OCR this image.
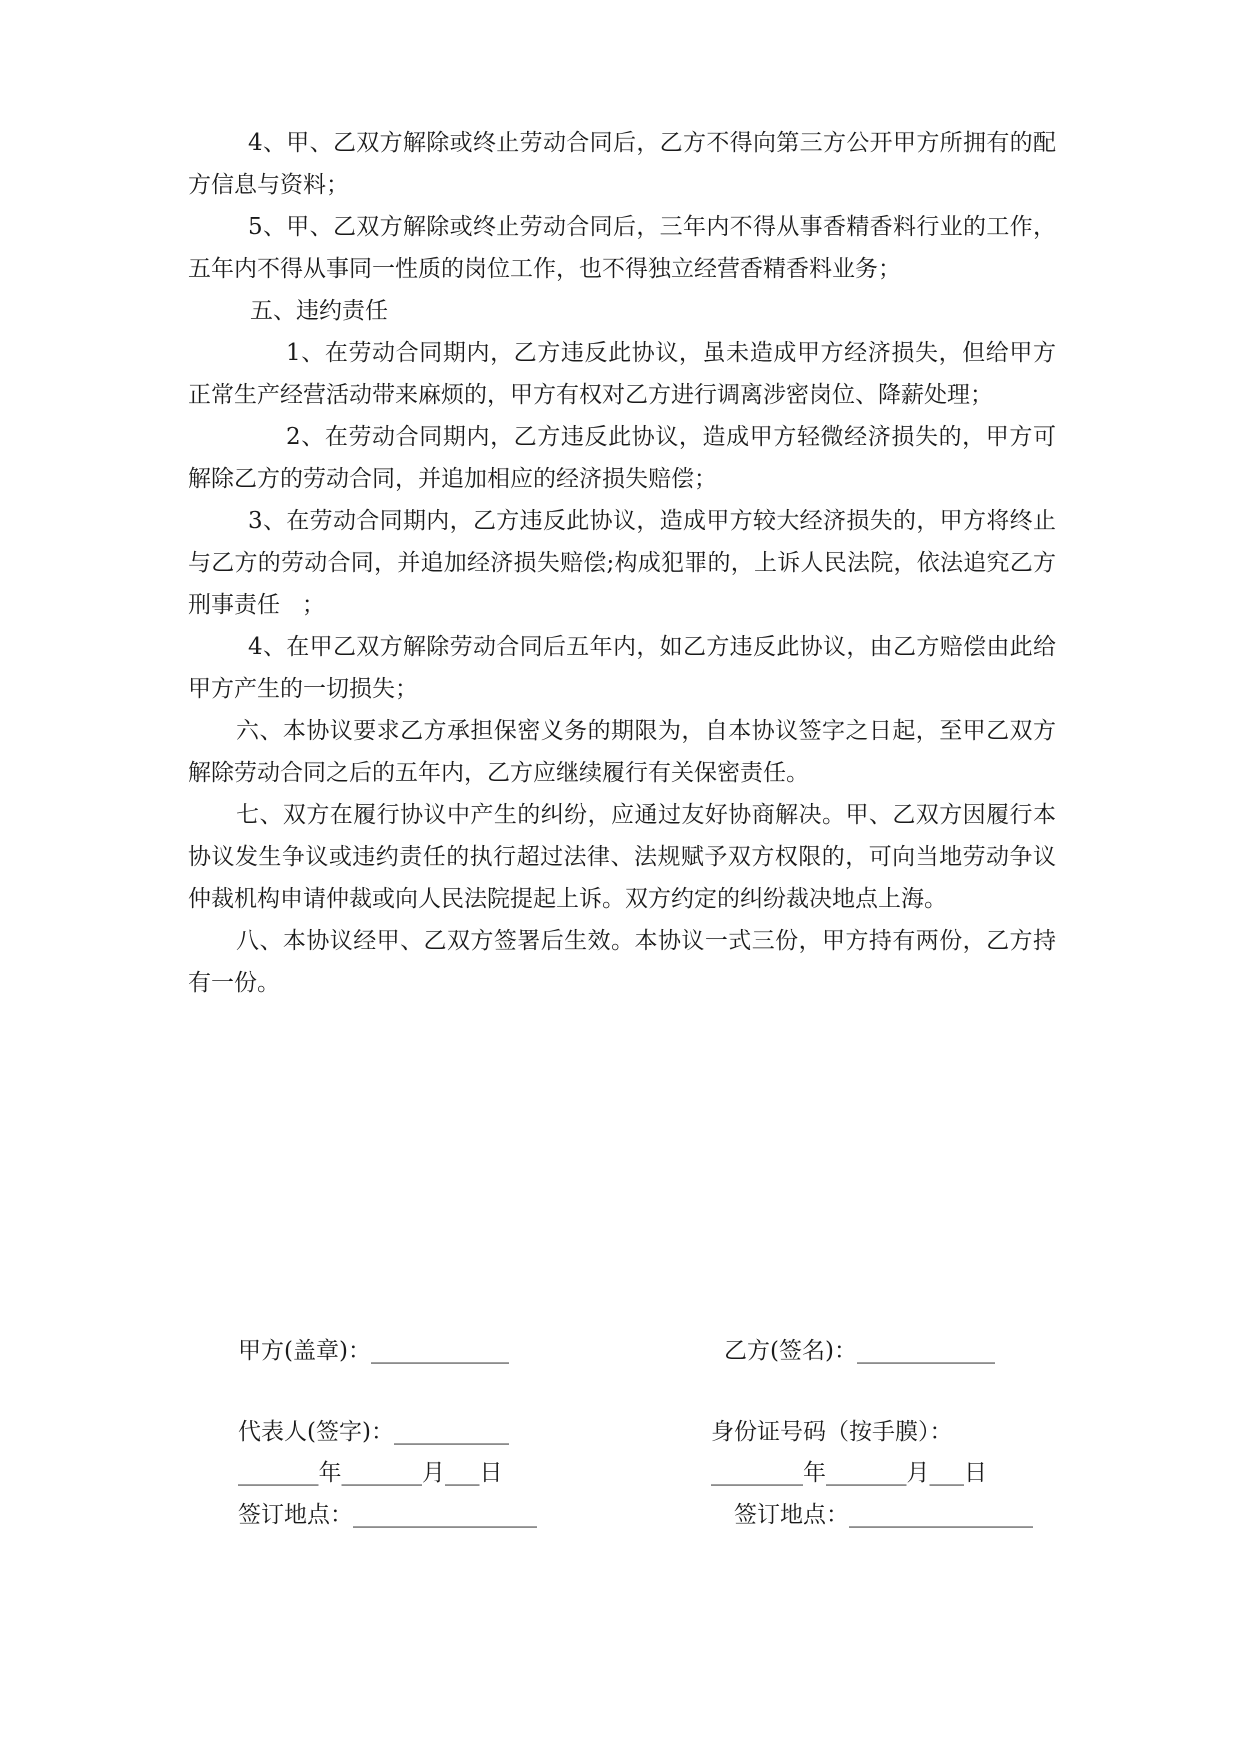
4、甲、乙双方解除或终止劳动合同后，乙方不得向第三方公开甲方所拥有的配方信息与资料；

5、甲、乙双方解除或终止劳动合同后，三年内不得从事香精香料行业的工作，五年内不得从事同一性质的岗位工作，也不得独立经营香精香料业务；

五、违约责任

1、在劳动合同期内，乙方违反此协议，虽未造成甲方经济损失，但给甲方正常生产经营活动带来麻烦的，甲方有权对乙方进行调离涉密岗位、降薪处理；

2、在劳动合同期内，乙方违反此协议，造成甲方轻微经济损失的，甲方可解除乙方的劳动合同，并追加相应的经济损失赔偿；

3、在劳动合同期内，乙方违反此协议，造成甲方较大经济损失的，甲方将终止与乙方的劳动合同，并追加经济损失赔偿;构成犯罪的，上诉人民法院，依法追究乙方刑事责任   ；

4、在甲乙双方解除劳动合同后五年内，如乙方违反此协议，由乙方赔偿由此给甲方产生的一切损失；

六、本协议要求乙方承担保密义务的期限为，自本协议签字之日起，至甲乙双方解除劳动合同之后的五年内，乙方应继续履行有关保密责任。

七、双方在履行协议中产生的纠纷，应通过友好协商解决。甲、乙双方因履行本协议发生争议或违约责任的执行超过法律、法规赋予双方权限的，可向当地劳动争议仲裁机构申请仲裁或向人民法院提起上诉。双方约定的纠纷裁决地点上海。

八、本协议经甲、乙双方签署后生效。本协议一式三份，甲方持有两份，乙方持有一份。

甲方(盖章)：____________	乙方(签名)：____________
代表人(签字)：__________	身份证号码（按手膜）：
_______年_______月___日	________年_______月___日
签订地点：________________	签订地点：________________
